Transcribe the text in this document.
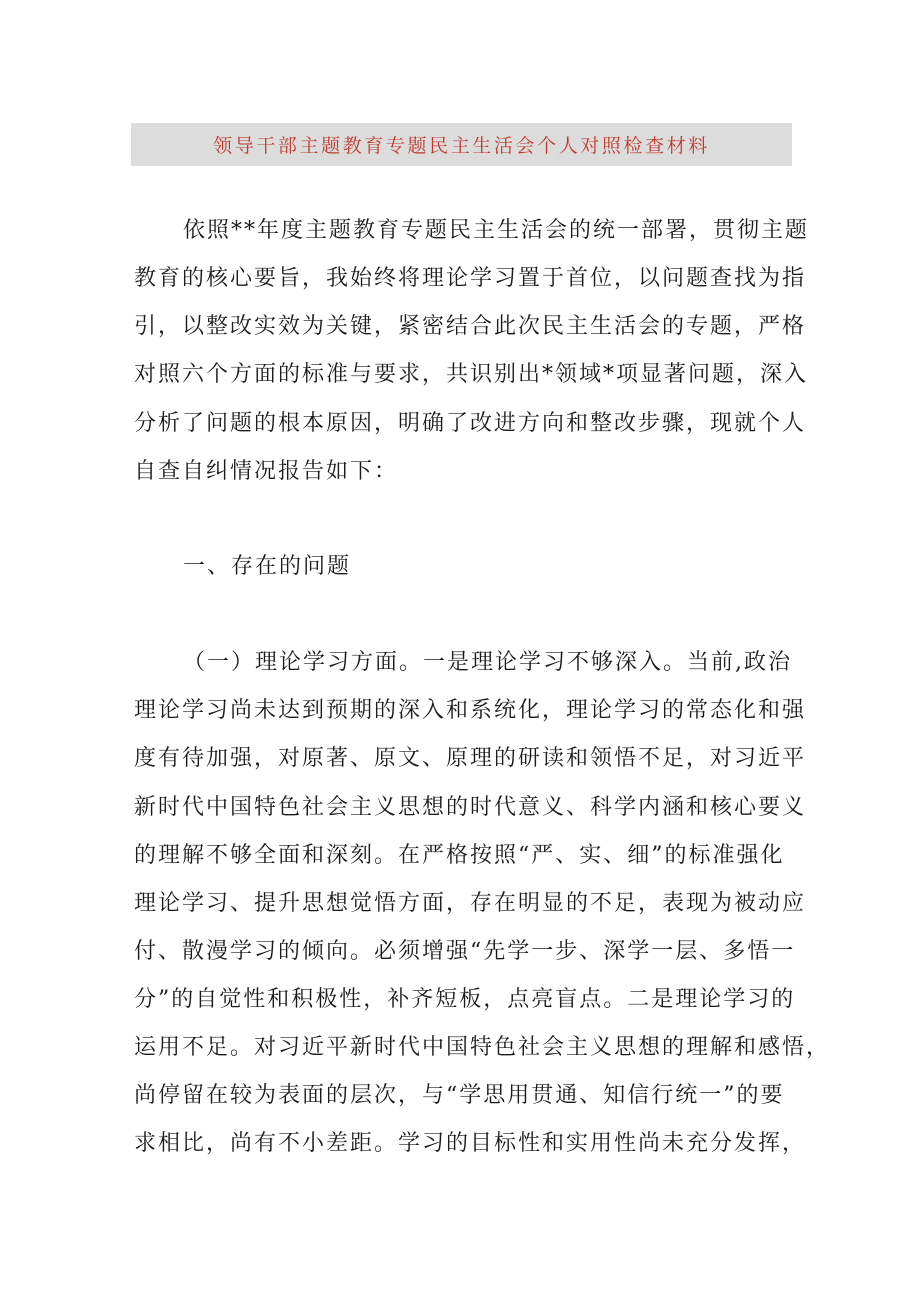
领导干部主题教育专题民主生活会个人对照检查材料
依照**年度主题教育专题民主生活会的统一部署，贯彻主题
教育的核心要旨，我始终将理论学习置于首位，以问题查找为指
引，以整改实效为关键，紧密结合此次民主生活会的专题，严格
对照六个方面的标准与要求，共识别出*领域*项显著问题，深入
分析了问题的根本原因，明确了改进方向和整改步骤，现就个人
自查自纠情况报告如下：
一、存在的问题
（一）理论学习方面。一是理论学习不够深入。当前,政治
理论学习尚未达到预期的深入和系统化，理论学习的常态化和强
度有待加强，对原著、原文、原理的研读和领悟不足，对习近平
新时代中国特色社会主义思想的时代意义、科学内涵和核心要义
的理解不够全面和深刻。在严格按照“严、实、细”的标准强化
理论学习、提升思想觉悟方面，存在明显的不足，表现为被动应
付、散漫学习的倾向。必须增强“先学一步、深学一层、多悟一
分”的自觉性和积极性，补齐短板，点亮盲点。二是理论学习的
运用不足。对习近平新时代中国特色社会主义思想的理解和感悟，
尚停留在较为表面的层次，与“学思用贯通、知信行统一”的要
求相比，尚有不小差距。学习的目标性和实用性尚未充分发挥，
